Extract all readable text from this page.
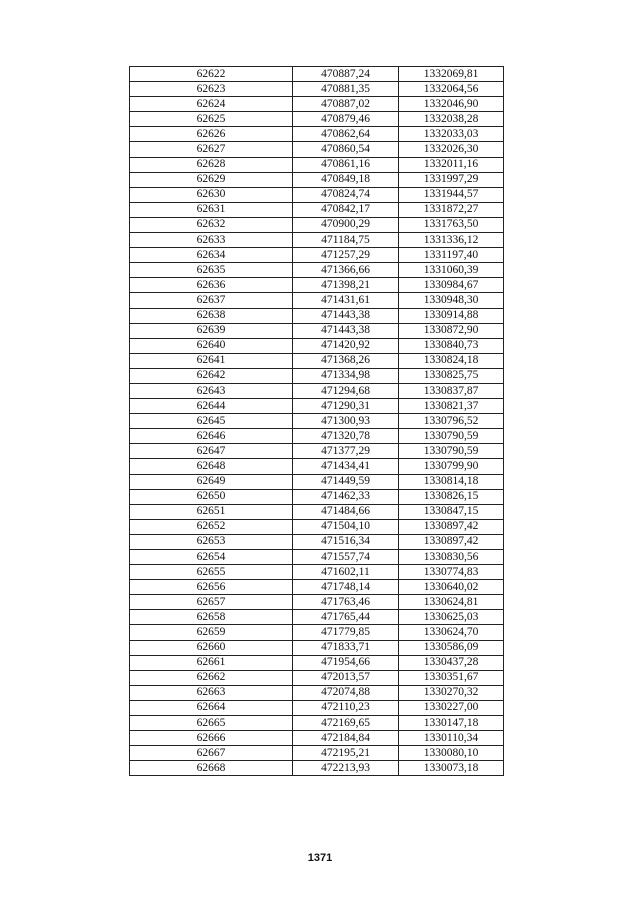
62622	470887,24	1332069,81
62623	470881,35	1332064,56
62624	470887,02	1332046,90
62625	470879,46	1332038,28
62626	470862,64	1332033,03
62627	470860,54	1332026,30
62628	470861,16	1332011,16
62629	470849,18	1331997,29
62630	470824,74	1331944,57
62631	470842,17	1331872,27
62632	470900,29	1331763,50
62633	471184,75	1331336,12
62634	471257,29	1331197,40
62635	471366,66	1331060,39
62636	471398,21	1330984,67
62637	471431,61	1330948,30
62638	471443,38	1330914,88
62639	471443,38	1330872,90
62640	471420,92	1330840,73
62641	471368,26	1330824,18
62642	471334,98	1330825,75
62643	471294,68	1330837,87
62644	471290,31	1330821,37
62645	471300,93	1330796,52
62646	471320,78	1330790,59
62647	471377,29	1330790,59
62648	471434,41	1330799,90
62649	471449,59	1330814,18
62650	471462,33	1330826,15
62651	471484,66	1330847,15
62652	471504,10	1330897,42
62653	471516,34	1330897,42
62654	471557,74	1330830,56
62655	471602,11	1330774,83
62656	471748,14	1330640,02
62657	471763,46	1330624,81
62658	471765,44	1330625,03
62659	471779,85	1330624,70
62660	471833,71	1330586,09
62661	471954,66	1330437,28
62662	472013,57	1330351,67
62663	472074,88	1330270,32
62664	472110,23	1330227,00
62665	472169,65	1330147,18
62666	472184,84	1330110,34
62667	472195,21	1330080,10
62668	472213,93	1330073,18
1371
